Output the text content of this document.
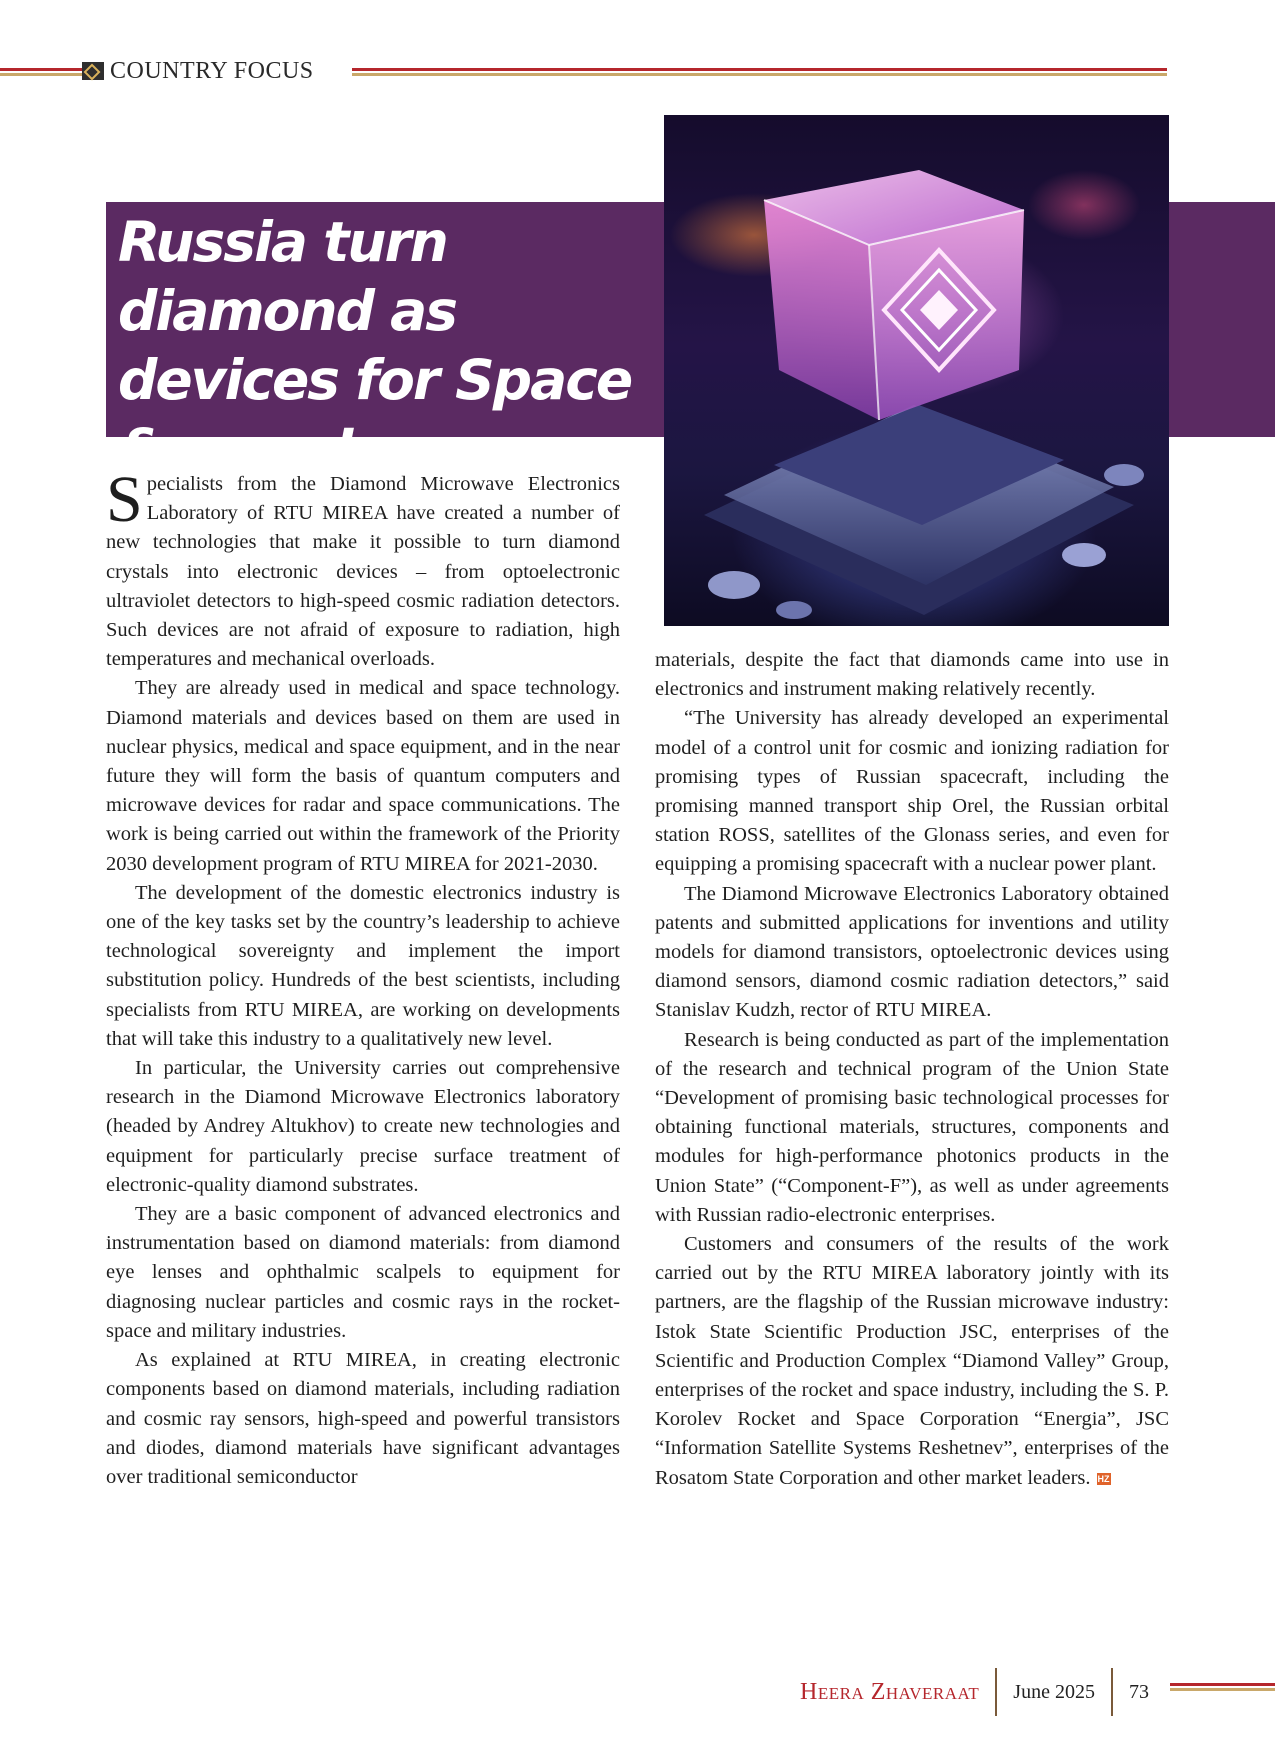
COUNTRY FOCUS
Russia turn diamond as devices for Space & more!

Specialists from the Diamond Microwave Electronics Laboratory of RTU MIREA have created a number of new technologies that make it possible to turn diamond crystals into electronic devices – from optoelectronic ultraviolet detectors to high-speed cosmic radiation detectors. Such devices are not afraid of exposure to radiation, high temperatures and mechanical overloads.

They are already used in medical and space technology. Diamond materials and devices based on them are used in nuclear physics, medical and space equipment, and in the near future they will form the basis of quantum computers and microwave devices for radar and space communications. The work is being carried out within the framework of the Priority 2030 development program of RTU MIREA for 2021-2030.

The development of the domestic electronics industry is one of the key tasks set by the country’s leadership to achieve technological sovereignty and implement the import substitution policy. Hundreds of the best scientists, including specialists from RTU MIREA, are working on developments that will take this industry to a qualitatively new level.

In particular, the University carries out comprehensive research in the Diamond Microwave Electronics laboratory (headed by Andrey Altukhov) to create new technologies and equipment for particularly precise surface treatment of electronic-quality diamond substrates.

They are a basic component of advanced electronics and instrumentation based on diamond materials: from diamond eye lenses and ophthalmic scalpels to equipment for diagnosing nuclear particles and cosmic rays in the rocket-space and military industries.

As explained at RTU MIREA, in creating electronic components based on diamond materials, including radiation and cosmic ray sensors, high-speed and powerful transistors and diodes, diamond materials have significant advantages over traditional semiconductor

materials, despite the fact that diamonds came into use in electronics and instrument making relatively recently.

“The University has already developed an experimental model of a control unit for cosmic and ionizing radiation for promising types of Russian spacecraft, including the promising manned transport ship Orel, the Russian orbital station ROSS, satellites of the Glonass series, and even for equipping a promising spacecraft with a nuclear power plant.

The Diamond Microwave Electronics Laboratory obtained patents and submitted applications for inventions and utility models for diamond transistors, optoelectronic devices using diamond sensors, diamond cosmic radiation detectors,” said Stanislav Kudzh, rector of RTU MIREA.

Research is being conducted as part of the implementation of the research and technical program of the Union State “Development of promising basic technological processes for obtaining functional materials, structures, components and modules for high-performance photonics products in the Union State” (“Component-F”), as well as under agreements with Russian radio-electronic enterprises.

Customers and consumers of the results of the work carried out by the RTU MIREA laboratory jointly with its partners, are the flagship of the Russian microwave industry: Istok State Scientific Production JSC, enterprises of the Scientific and Production Complex “Diamond Valley” Group, enterprises of the rocket and space industry, including the S. P. Korolev Rocket and Space Corporation “Energia”, JSC “Information Satellite Systems Reshetnev”, enterprises of the Rosatom State Corporation and other market leaders. HZ

Heera Zhaveraat June 2025 73
